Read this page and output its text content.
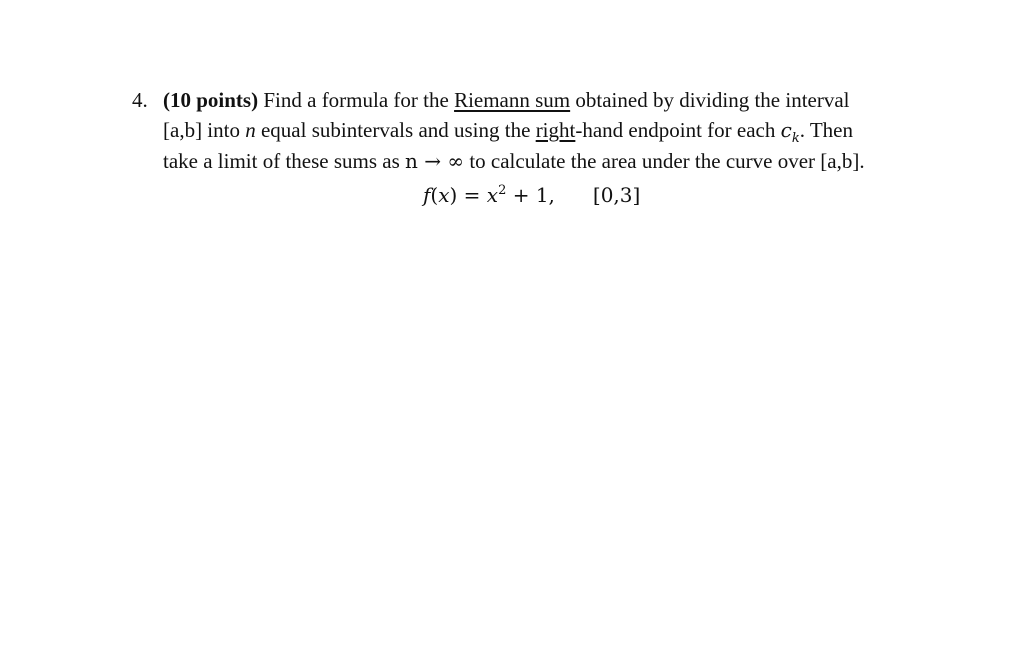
4. (10 points) Find a formula for the Riemann sum obtained by dividing the interval
[a,b] into n equal subintervals and using the right-hand endpoint for each $c_k$. Then
take a limit of these sums as n → ∞ to calculate the area under the curve over [a,b].
$f(x) = x^2 + 1$, [0,3]
